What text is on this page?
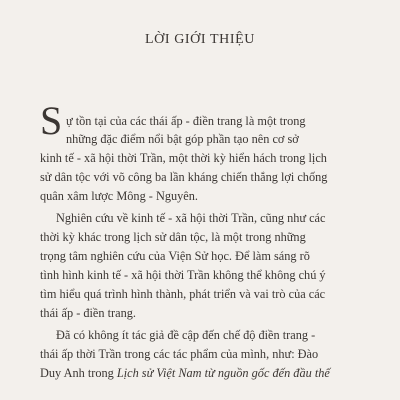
LỜI GIỚI THIỆU
S ự tồn tại của các thái ấp - điền trang là một trong
những đặc điểm nổi bật góp phần tạo nên cơ sở
kinh tế - xã hội thời Trần, một thời kỳ hiển hách trong lịch
sử dân tộc với võ công ba lần kháng chiến thắng lợi chống
quân xâm lược Mông - Nguyên.
Nghiên cứu về kinh tế - xã hội thời Trần, cũng như các
thời kỳ khác trong lịch sử dân tộc, là một trong những
trọng tâm nghiên cứu của Viện Sử học. Để làm sáng rõ
tình hình kinh tế - xã hội thời Trần không thể không chú ý
tìm hiểu quá trình hình thành, phát triển và vai trò của các
thái ấp - điền trang.
Đã có không ít tác giả đề cập đến chế độ điền trang -
thái ấp thời Trần trong các tác phẩm của mình, như: Đào
Duy Anh trong Lịch sử Việt Nam từ nguồn gốc đến đầu thế
